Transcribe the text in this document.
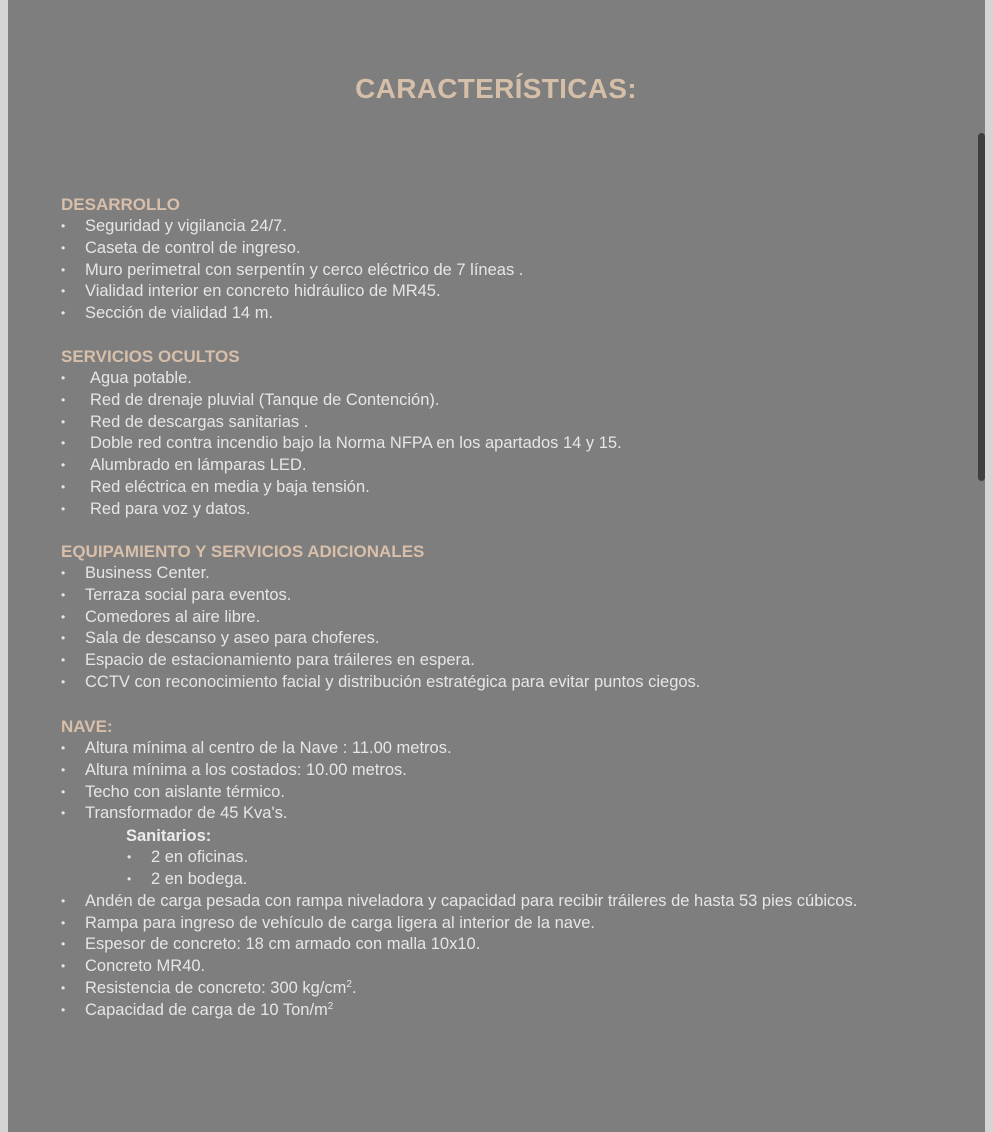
CARACTERÍSTICAS:
DESARROLLO
• Seguridad y vigilancia 24/7.
• Caseta de control de ingreso.
• Muro perimetral con serpentín y cerco eléctrico de 7 líneas .
• Vialidad interior en concreto hidráulico de MR45.
• Sección de vialidad 14 m.
SERVICIOS OCULTOS
• Agua potable.
• Red de drenaje pluvial (Tanque de Contención).
• Red de descargas sanitarias .
• Doble red contra incendio bajo la Norma NFPA en los apartados 14 y 15.
• Alumbrado en lámparas LED.
• Red eléctrica en media y baja tensión.
• Red para voz y datos.
EQUIPAMIENTO Y SERVICIOS ADICIONALES
• Business Center.
• Terraza social para eventos.
• Comedores al aire libre.
• Sala de descanso y aseo para choferes.
• Espacio de estacionamiento para tráileres en espera.
• CCTV con reconocimiento facial y distribución estratégica para evitar puntos ciegos.
NAVE:
• Altura mínima al centro de la Nave : 11.00 metros.
• Altura mínima a los costados: 10.00 metros.
• Techo con aislante térmico.
• Transformador de 45 Kva's.
Sanitarios:
• 2 en oficinas.
• 2 en bodega.
• Andén de carga pesada con rampa niveladora y capacidad para recibir tráileres de hasta 53 pies cúbicos.
• Rampa para ingreso de vehículo de carga ligera al interior de la nave.
• Espesor de concreto: 18 cm armado con malla 10x10.
• Concreto MR40.
• Resistencia de concreto: 300 $kg/cm^2$.
• Capacidad de carga de 10 Ton/$m^2$
